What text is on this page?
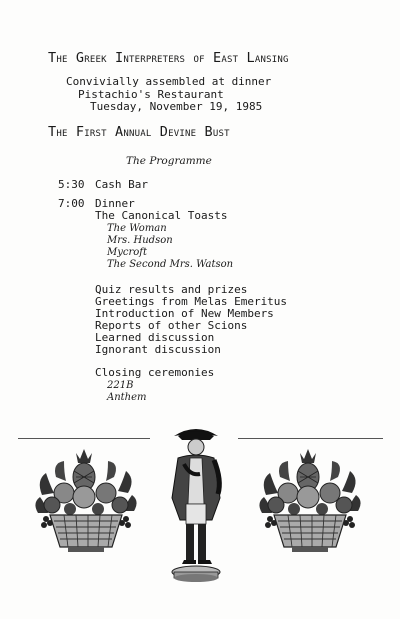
The Greek Interpreters of East Lansing
Convivially assembled at dinner
Pistachio's Restaurant
Tuesday, November 19, 1985
The First Annual Devine Bust
The Programme
5:30 Cash Bar
7:00 Dinner
The Canonical Toasts
The Woman
Mrs. Hudson
Mycroft
The Second Mrs. Watson
Quiz results and prizes
Greetings from Melas Emeritus
Introduction of New Members
Reports of other Scions
Learned discussion
Ignorant discussion
Closing ceremonies
221B
Anthem
